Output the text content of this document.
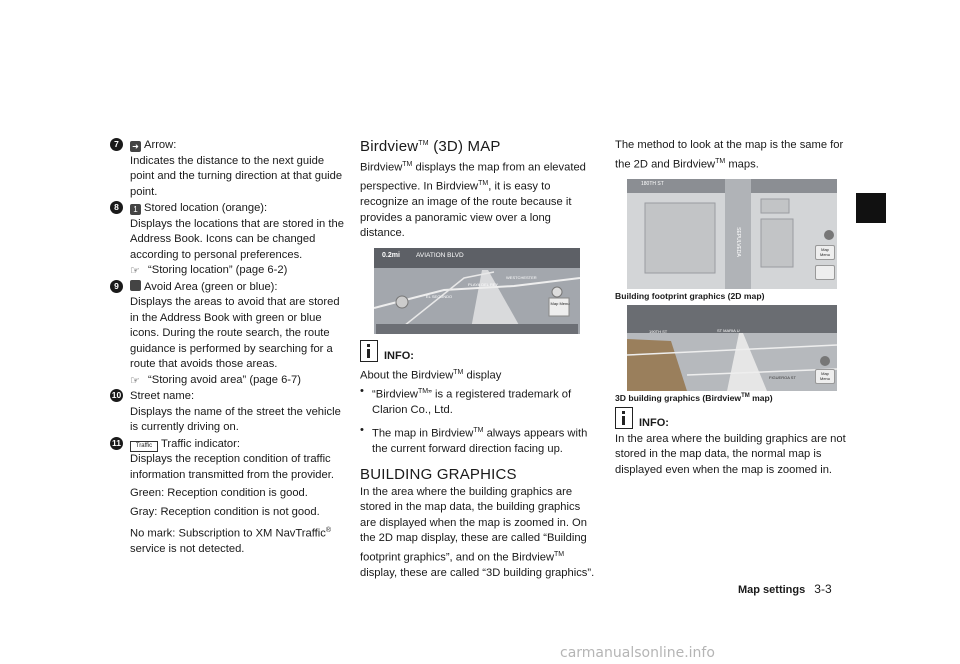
7	➜ Arrow:

Indicates the distance to the next guide point and the turning direction at that guide point.

8	1 Stored location (orange):

Displays the locations that are stored in the Address Book. Icons can be changed according to personal preferences.

☞ “Storing location” (page 6-2)

9	Avoid Area (green or blue):

Displays the areas to avoid that are stored in the Address Book with green or blue icons. During the route search, the route guidance is performed by searching for a route that avoids those areas.

☞ “Storing avoid area” (page 6-7)

10 Street name:

Displays the name of the street the vehicle is currently driving on.

11	Traffic Traffic indicator:

Displays the reception condition of traffic information transmitted from the provider.

Green: Reception condition is good.

Gray: Reception condition is not good.

No mark: Subscription to XM NavTraffic® service is not detected.

Birdview™ (3D) MAP

Birdview™ displays the map from an elevated perspective. In Birdview™, it is easy to recognize an image of the route because it provides a panoramic view over a long distance.

0.2mi AVIATION BLVD
EL SEGUNDO
PLAYA DEL REY
WESTCHESTER
Map Menu
INFO:

About the Birdview™ display

• “Birdview™” is a registered trademark of Clarion Co., Ltd.

• The map in Birdview™ always appears with the current forward direction facing up.

BUILDING GRAPHICS

In the area where the building graphics are stored in the map data, the building graphics are displayed when the map is zoomed in. On the 2D map display, these are called “Building footprint graphics”, and on the Birdview™ display, these are called “3D building graphics”.

The method to look at the map is the same for the 2D and Birdview™ maps.

180TH ST
SEPULVEDA	Map Menu
Building footprint graphics (2D map)
ST MARIA U
190TH ST
FIGUEROA ST
Map Menu
3D building graphics (Birdview™ map)
INFO:

In the area where the building graphics are not stored in the map data, the normal map is displayed even when the map is zoomed in.

Map settings 3-3
carmanualsonline.info
